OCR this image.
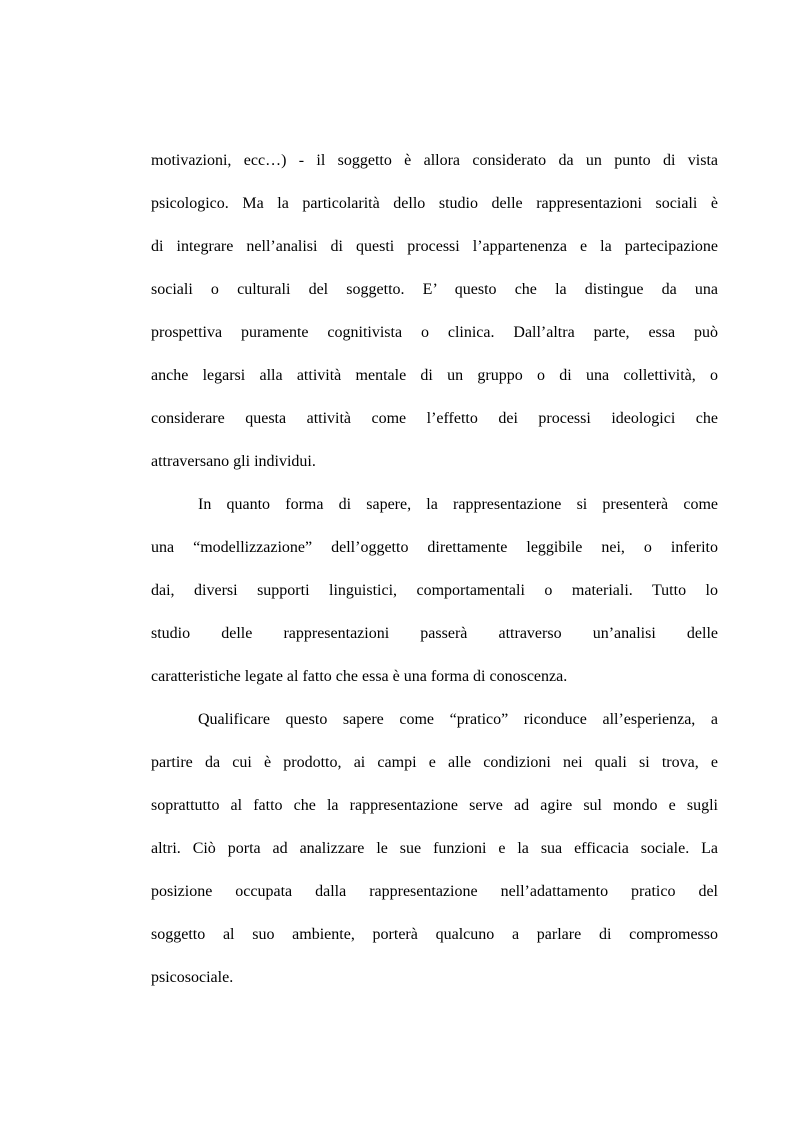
motivazioni, ecc…) - il soggetto è allora considerato da un punto di vista
psicologico. Ma la particolarità dello studio delle rappresentazioni sociali è
di integrare nell’analisi di questi processi l’appartenenza e la partecipazione
sociali o culturali del soggetto. E’ questo che la distingue da una
prospettiva puramente cognitivista o clinica. Dall’altra parte, essa può
anche legarsi alla attività mentale di un gruppo o di una collettività, o
considerare questa attività come l’effetto dei processi ideologici che
attraversano gli individui.
In quanto forma di sapere, la rappresentazione si presenterà come
una “modellizzazione” dell’oggetto direttamente leggibile nei, o inferito
dai, diversi supporti linguistici, comportamentali o materiali. Tutto lo
studio delle rappresentazioni passerà attraverso un’analisi delle
caratteristiche legate al fatto che essa è una forma di conoscenza.
Qualificare questo sapere come “pratico” riconduce all’esperienza, a
partire da cui è prodotto, ai campi e alle condizioni nei quali si trova, e
soprattutto al fatto che la rappresentazione serve ad agire sul mondo e sugli
altri. Ciò porta ad analizzare le sue funzioni e la sua efficacia sociale. La
posizione occupata dalla rappresentazione nell’adattamento pratico del
soggetto al suo ambiente, porterà qualcuno a parlare di compromesso
psicosociale.
